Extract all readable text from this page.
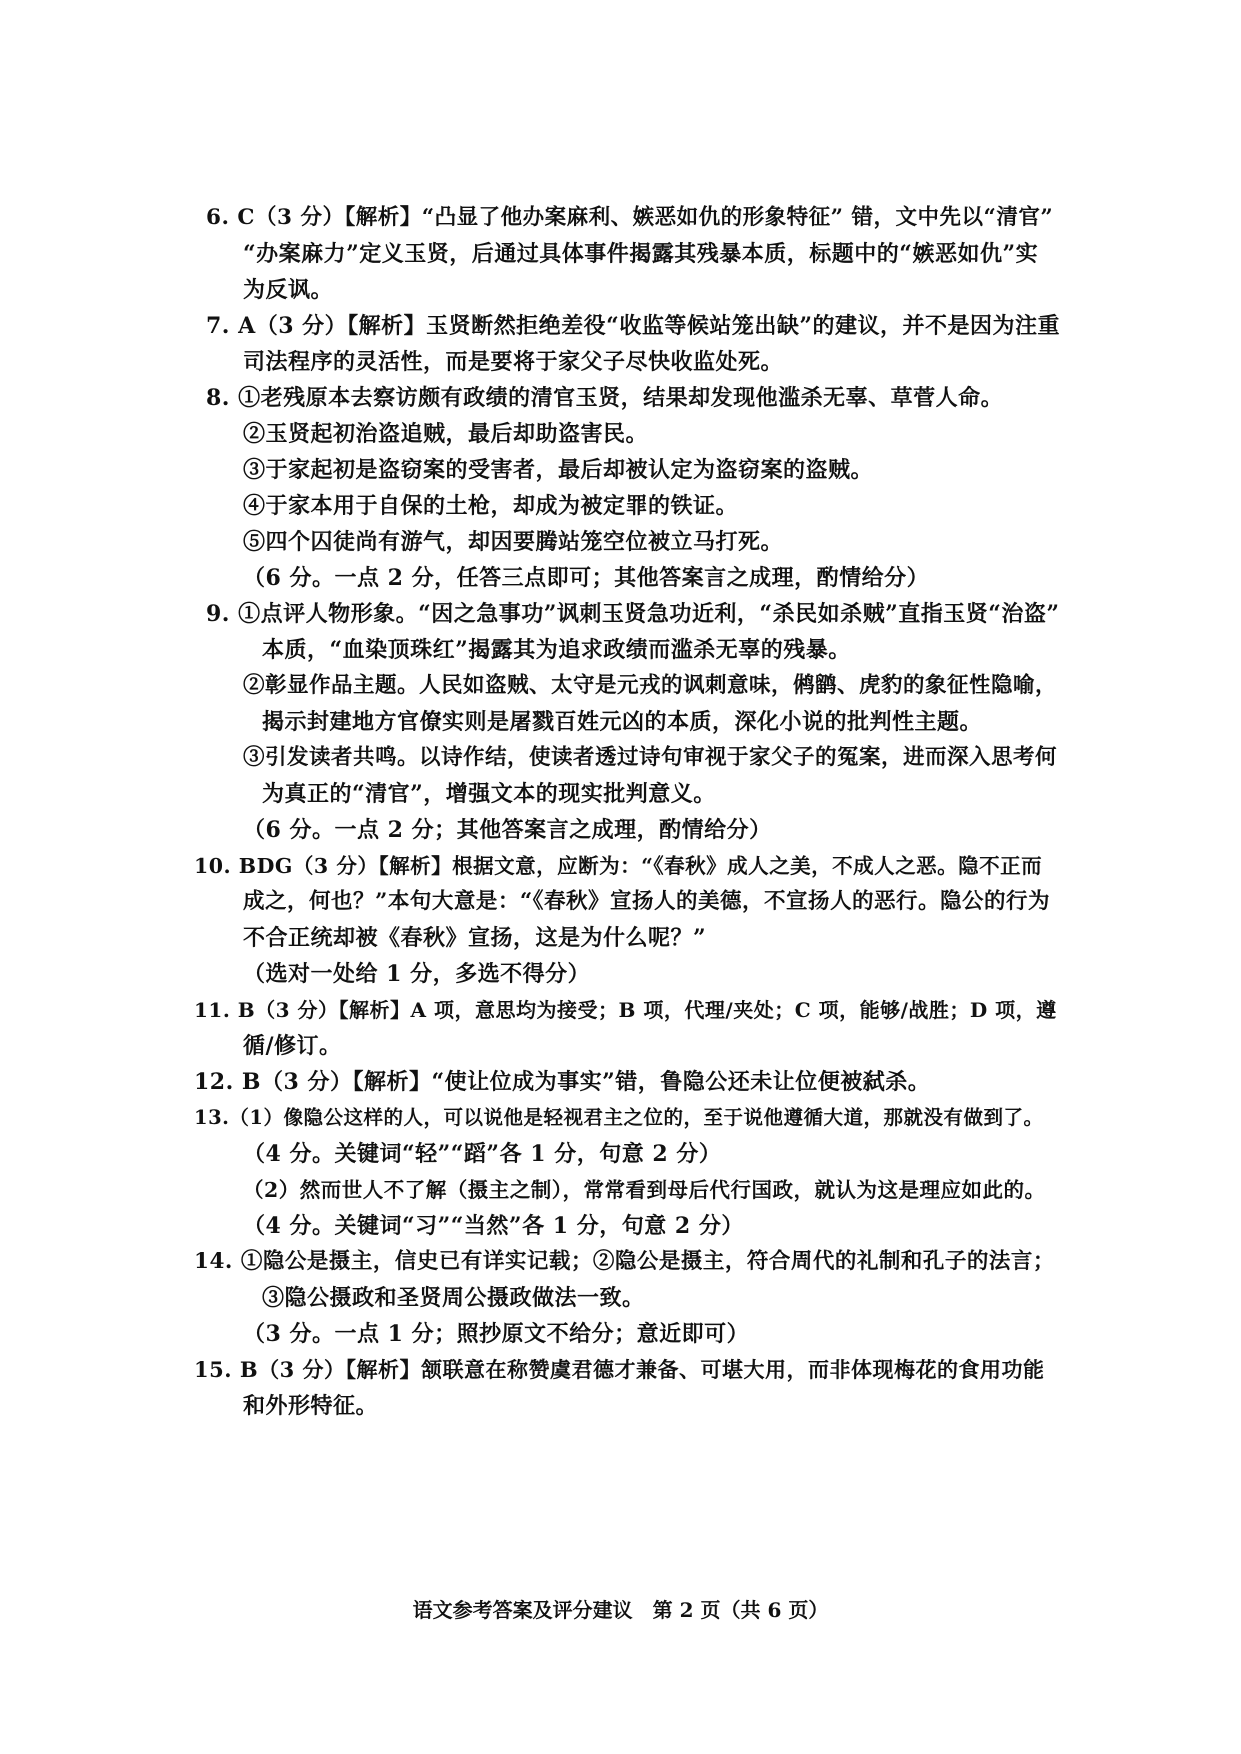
6. C（3 分）【解析】“凸显了他办案麻利、嫉恶如仇的形象特征” 错，文中先以“清官”
“办案麻力”定义玉贤，后通过具体事件揭露其残暴本质，标题中的“嫉恶如仇”实
为反讽。
7. A（3 分）【解析】玉贤断然拒绝差役“收监等候站笼出缺”的建议，并不是因为注重
司法程序的灵活性，而是要将于家父子尽快收监处死。
8. ①老残原本去察访颇有政绩的清官玉贤，结果却发现他滥杀无辜、草菅人命。
②玉贤起初治盗追贼，最后却助盗害民。
③于家起初是盗窃案的受害者，最后却被认定为盗窃案的盗贼。
④于家本用于自保的土枪，却成为被定罪的铁证。
⑤四个囚徒尚有游气，却因要腾站笼空位被立马打死。
（6 分。一点 2 分，任答三点即可；其他答案言之成理，酌情给分）
9. ①点评人物形象。“因之急事功”讽刺玉贤急功近利，“杀民如杀贼”直指玉贤“治盗”
本质，“血染顶珠红”揭露其为追求政绩而滥杀无辜的残暴。
②彰显作品主题。人民如盗贼、太守是元戎的讽刺意味，鸺鹠、虎豹的象征性隐喻，
揭示封建地方官僚实则是屠戮百姓元凶的本质，深化小说的批判性主题。
③引发读者共鸣。以诗作结，使读者透过诗句审视于家父子的冤案，进而深入思考何
为真正的“清官”，增强文本的现实批判意义。
（6 分。一点 2 分；其他答案言之成理，酌情给分）
10. BDG（3 分）【解析】根据文意，应断为：“《春秋》成人之美，不成人之恶。隐不正而
成之，何也？”本句大意是：“《春秋》宣扬人的美德，不宣扬人的恶行。隐公的行为
不合正统却被《春秋》宣扬，这是为什么呢？”
（选对一处给 1 分，多选不得分）
11. B（3 分）【解析】A 项，意思均为接受；B 项，代理/夹处；C 项，能够/战胜；D 项，遵
循/修订。
12. B（3 分）【解析】“使让位成为事实”错，鲁隐公还未让位便被弑杀。
13.（1）像隐公这样的人，可以说他是轻视君主之位的，至于说他遵循大道，那就没有做到了。
（4 分。关键词“轻”“蹈”各 1 分，句意 2 分）
（2）然而世人不了解（摄主之制），常常看到母后代行国政，就认为这是理应如此的。
（4 分。关键词“习”“当然”各 1 分，句意 2 分）
14. ①隐公是摄主，信史已有详实记载；②隐公是摄主，符合周代的礼制和孔子的法言；
③隐公摄政和圣贤周公摄政做法一致。
（3 分。一点 1 分；照抄原文不给分；意近即可）
15. B（3 分）【解析】颔联意在称赞虞君德才兼备、可堪大用，而非体现梅花的食用功能
和外形特征。
语文参考答案及评分建议　第 2 页（共 6 页）
